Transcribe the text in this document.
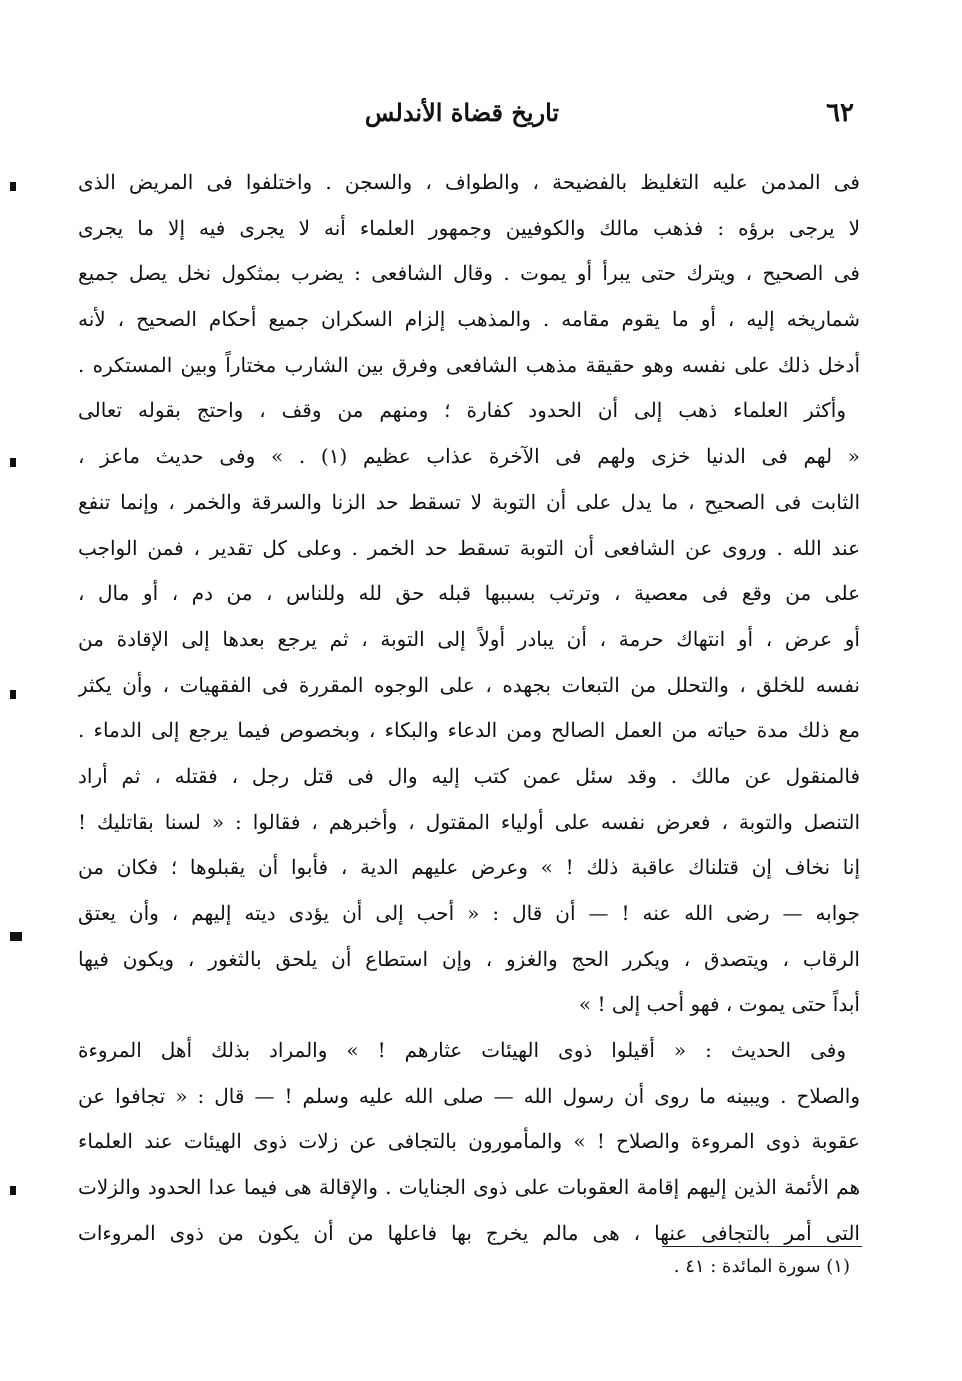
٦٢
تاريخ قضاة الأندلس
فى المدمن عليه التغليظ بالفضيحة ، والطواف ، والسجن . واختلفوا فى المريض الذى
لا يرجى برؤه : فذهب مالك والكوفيين وجمهور العلماء أنه لا يجرى فيه إلا ما يجرى
فى الصحيح ، ويترك حتى يبرأ أو يموت . وقال الشافعى : يضرب بمثكول نخل يصل جميع
شماريخه إليه ، أو ما يقوم مقامه . والمذهب إلزام السكران جميع أحكام الصحيح ، لأنه
أدخل ذلك على نفسه وهو حقيقة مذهب الشافعى وفرق بين الشارب مختاراً وبين المستكره .
وأكثر العلماء ذهب إلى أن الحدود كفارة ؛ ومنهم من وقف ، واحتج بقوله تعالى
« لهم فى الدنيا خزى ولهم فى الآخرة عذاب عظيم (١) . » وفى حديث ماعز ،
الثابت فى الصحيح ، ما يدل على أن التوبة لا تسقط حد الزنا والسرقة والخمر ، وإنما تنفع
عند الله . وروى عن الشافعى أن التوبة تسقط حد الخمر . وعلى كل تقدير ، فمن الواجب
على من وقع فى معصية ، وترتب بسببها قبله حق لله وللناس ، من دم ، أو مال ،
أو عرض ، أو انتهاك حرمة ، أن يبادر أولاً إلى التوبة ، ثم يرجع بعدها إلى الإقادة من
نفسه للخلق ، والتحلل من التبعات بجهده ، على الوجوه المقررة فى الفقهيات ، وأن يكثر
مع ذلك مدة حياته من العمل الصالح ومن الدعاء والبكاء ، وبخصوص فيما يرجع إلى الدماء .
فالمنقول عن مالك . وقد سئل عمن كتب إليه وال فى قتل رجل ، فقتله ، ثم أراد
التنصل والتوبة ، فعرض نفسه على أولياء المقتول ، وأخبرهم ، فقالوا : « لسنا بقاتليك !
إنا نخاف إن قتلناك عاقبة ذلك ! » وعرض عليهم الدية ، فأبوا أن يقبلوها ؛ فكان من
جوابه — رضى الله عنه ! — أن قال : « أحب إلى أن يؤدى ديته إليهم ، وأن يعتق
الرقاب ، ويتصدق ، ويكرر الحج والغزو ، وإن استطاع أن يلحق بالثغور ، ويكون فيها
أبداً حتى يموت ، فهو أحب إلى ! »
وفى الحديث : « أقيلوا ذوى الهيئات عثارهم ! » والمراد بذلك أهل المروءة
والصلاح . ويبينه ما روى أن رسول الله — صلى الله عليه وسلم ! — قال : « تجافوا عن
عقوبة ذوى المروءة والصلاح ! » والمأمورون بالتجافى عن زلات ذوى الهيئات عند العلماء
هم الأئمة الذين إليهم إقامة العقوبات على ذوى الجنايات . والإقالة هى فيما عدا الحدود والزلات
التى أمر بالتجافى عنها ، هى مالم يخرج بها فاعلها من أن يكون من ذوى المروءات
(١) سورة المائدة : ٤١ .
